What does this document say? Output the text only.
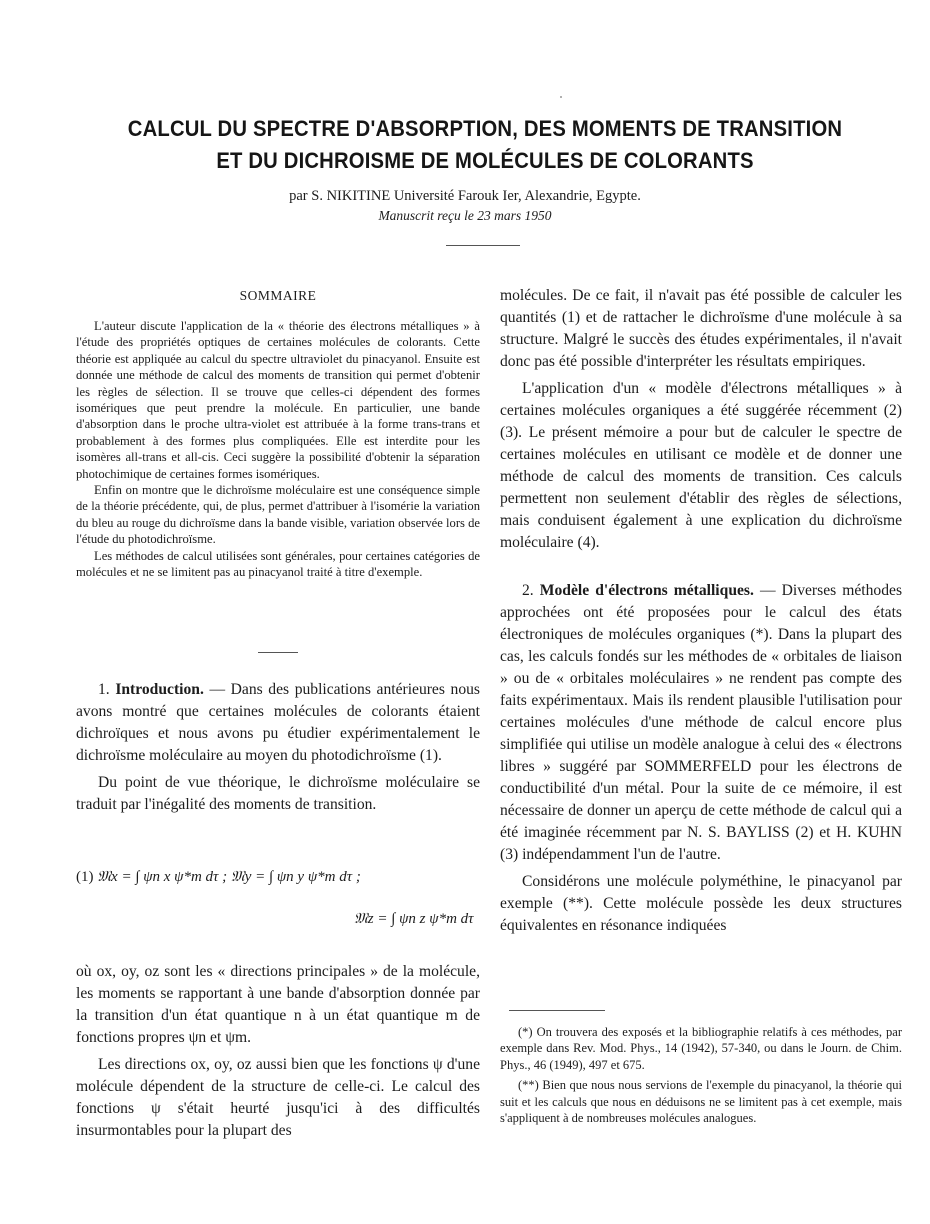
CALCUL DU SPECTRE D'ABSORPTION, DES MOMENTS DE TRANSITION
ET DU DICHROISME DE MOLÉCULES DE COLORANTS
par S. NIKITINE Université Farouk Ier, Alexandrie, Egypte.
Manuscrit reçu le 23 mars 1950
SOMMAIRE

L'auteur discute l'application de la « théorie des électrons métalliques » à l'étude des propriétés optiques de certaines molécules de colorants. Cette théorie est appliquée au calcul du spectre ultraviolet du pinacyanol. Ensuite est donnée une méthode de calcul des moments de transition qui permet d'obtenir les règles de sélection. Il se trouve que celles-ci dépendent des formes isomériques que peut prendre la molécule. En particulier, une bande d'absorption dans le proche ultra-violet est attribuée à la forme trans-trans et probablement à des formes plus compliquées. Elle est interdite pour les isomères all-trans et all-cis. Ceci suggère la possibilité d'obtenir la séparation photochimique de certaines formes isomériques.

Enfin on montre que le dichroïsme moléculaire est une conséquence simple de la théorie précédente, qui, de plus, permet d'attribuer à l'isomérie la variation du bleu au rouge du dichroïsme dans la bande visible, variation observée lors de l'étude du photodichroïsme.

Les méthodes de calcul utilisées sont générales, pour certaines catégories de molécules et ne se limitent pas au pinacyanol traité à titre d'exemple.

1. Introduction. — Dans des publications antérieures nous avons montré que certaines molécules de colorants étaient dichroïques et nous avons pu étudier expérimentalement le dichroïsme moléculaire au moyen du photodichroïsme (1).

Du point de vue théorique, le dichroïsme moléculaire se traduit par l'inégalité des moments de transition.

(1) 𝔐x = ∫ ψn x ψ*m dτ ; 𝔐y = ∫ ψn y ψ*m dτ ;
𝔐z = ∫ ψn z ψ*m dτ

où ox, oy, oz sont les « directions principales » de la molécule, les moments se rapportant à une bande d'absorption donnée par la transition d'un état quantique n à un état quantique m de fonctions propres ψn et ψm.

Les directions ox, oy, oz aussi bien que les fonctions ψ d'une molécule dépendent de la structure de celle-ci. Le calcul des fonctions ψ s'était heurté jusqu'ici à des difficultés insurmontables pour la plupart des

molécules. De ce fait, il n'avait pas été possible de calculer les quantités (1) et de rattacher le dichroïsme d'une molécule à sa structure. Malgré le succès des études expérimentales, il n'avait donc pas été possible d'interpréter les résultats empiriques.

L'application d'un « modèle d'électrons métalliques » à certaines molécules organiques a été suggérée récemment (2) (3). Le présent mémoire a pour but de calculer le spectre de certaines molécules en utilisant ce modèle et de donner une méthode de calcul des moments de transition. Ces calculs permettent non seulement d'établir des règles de sélections, mais conduisent également à une explication du dichroïsme moléculaire (4).

2. Modèle d'électrons métalliques. — Diverses méthodes approchées ont été proposées pour le calcul des états électroniques de molécules organiques (*). Dans la plupart des cas, les calculs fondés sur les méthodes de « orbitales de liaison » ou de « orbitales moléculaires » ne rendent pas compte des faits expérimentaux. Mais ils rendent plausible l'utilisation pour certaines molécules d'une méthode de calcul encore plus simplifiée qui utilise un modèle analogue à celui des « électrons libres » suggéré par SOMMERFELD pour les électrons de conductibilité d'un métal. Pour la suite de ce mémoire, il est nécessaire de donner un aperçu de cette méthode de calcul qui a été imaginée récemment par N. S. BAYLISS (2) et H. KUHN (3) indépendamment l'un de l'autre.

Considérons une molécule polyméthine, le pinacyanol par exemple (**). Cette molécule possède les deux structures équivalentes en résonance indiquées

(*) On trouvera des exposés et la bibliographie relatifs à ces méthodes, par exemple dans Rev. Mod. Phys., 14 (1942), 57-340, ou dans le Journ. de Chim. Phys., 46 (1949), 497 et 675.

(**) Bien que nous nous servions de l'exemple du pinacyanol, la théorie qui suit et les calculs que nous en déduisons ne se limitent pas à cet exemple, mais s'appliquent à de nombreuses molécules analogues.
